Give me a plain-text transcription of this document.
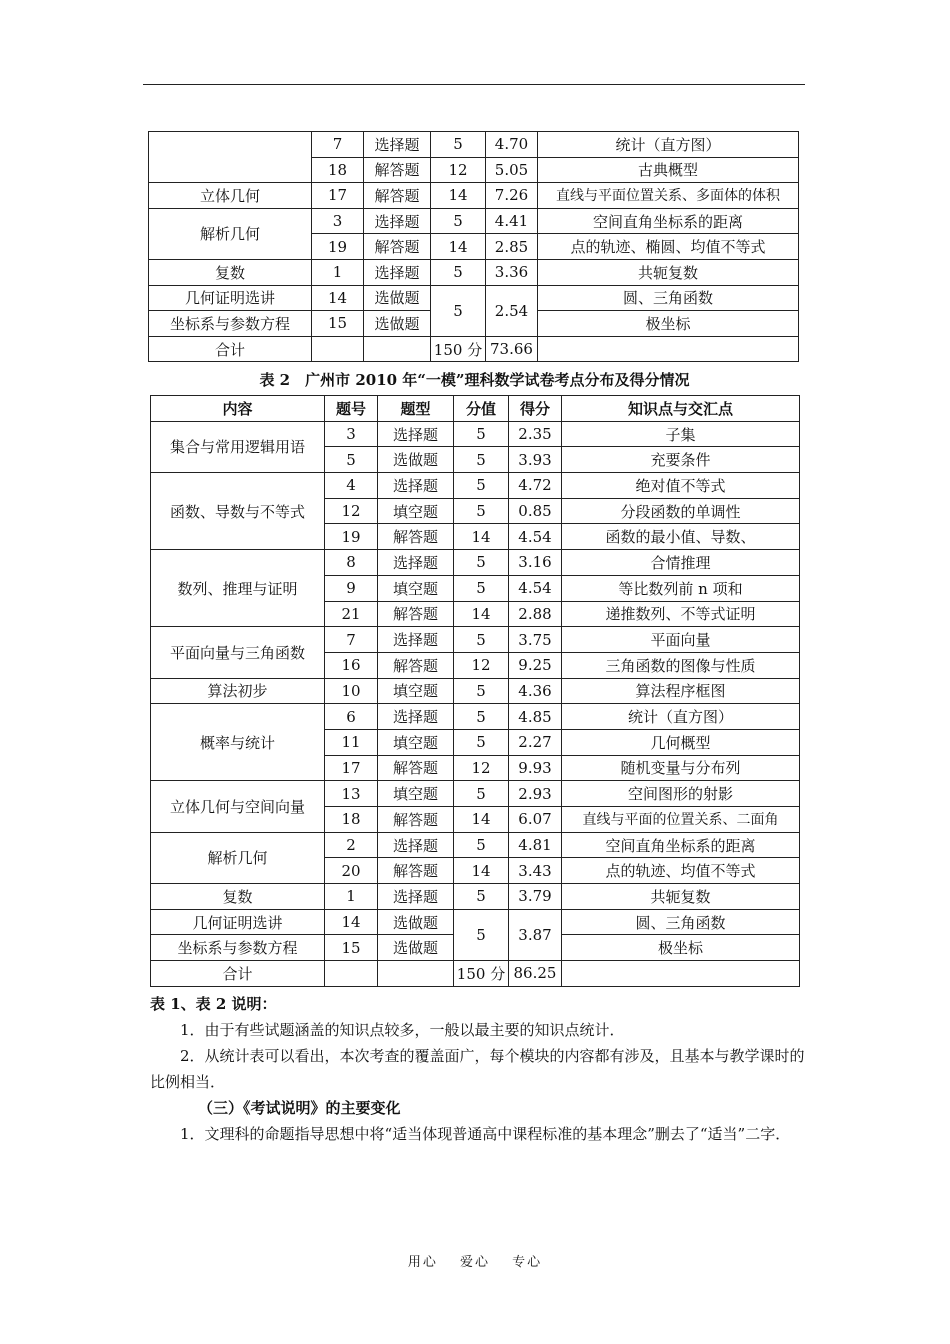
	7	选择题	5	4.70	统计（直方图）
	18	解答题	12	5.05	古典概型
立体几何	17	解答题	14	7.26	直线与平面位置关系、多面体的体积
解析几何	3	选择题	5	4.41	空间直角坐标系的距离
	19	解答题	14	2.85	点的轨迹、椭圆、均值不等式
复数	1	选择题	5	3.36	共轭复数
几何证明选讲	14	选做题	5	2.54	圆、三角函数
坐标系与参数方程	15	选做题			极坐标
合计			150 分	73.66	
表 2　广州市 2010 年“一模”理科数学试卷考点分布及得分情况
内容	题号	题型	分值	得分	知识点与交汇点
集合与常用逻辑用语	3	选择题	5	2.35	子集
	5	选做题	5	3.93	充要条件
函数、导数与不等式	4	选择题	5	4.72	绝对值不等式
	12	填空题	5	0.85	分段函数的单调性
	19	解答题	14	4.54	函数的最小值、导数、
数列、推理与证明	8	选择题	5	3.16	合情推理
	9	填空题	5	4.54	等比数列前 n 项和
	21	解答题	14	2.88	递推数列、不等式证明
平面向量与三角函数	7	选择题	5	3.75	平面向量
	16	解答题	12	9.25	三角函数的图像与性质
算法初步	10	填空题	5	4.36	算法程序框图
概率与统计	6	选择题	5	4.85	统计（直方图）
	11	填空题	5	2.27	几何概型
	17	解答题	12	9.93	随机变量与分布列
立体几何与空间向量	13	填空题	5	2.93	空间图形的射影
	18	解答题	14	6.07	直线与平面的位置关系、二面角
解析几何	2	选择题	5	4.81	空间直角坐标系的距离
	20	解答题	14	3.43	点的轨迹、均值不等式
复数	1	选择题	5	3.79	共轭复数
几何证明选讲	14	选做题	5	3.87	圆、三角函数
坐标系与参数方程	15	选做题			极坐标
合计			150 分	86.25	

表 1、表 2 说明：

1．由于有些试题涵盖的知识点较多，一般以最主要的知识点统计．

2．从统计表可以看出，本次考查的覆盖面广，每个模块的内容都有涉及，且基本与教学课时的比例相当．

（三）《考试说明》的主要变化

1．文理科的命题指导思想中将“适当体现普通高中课程标准的基本理念”删去了“适当”二字．

用心 爱心 专心
